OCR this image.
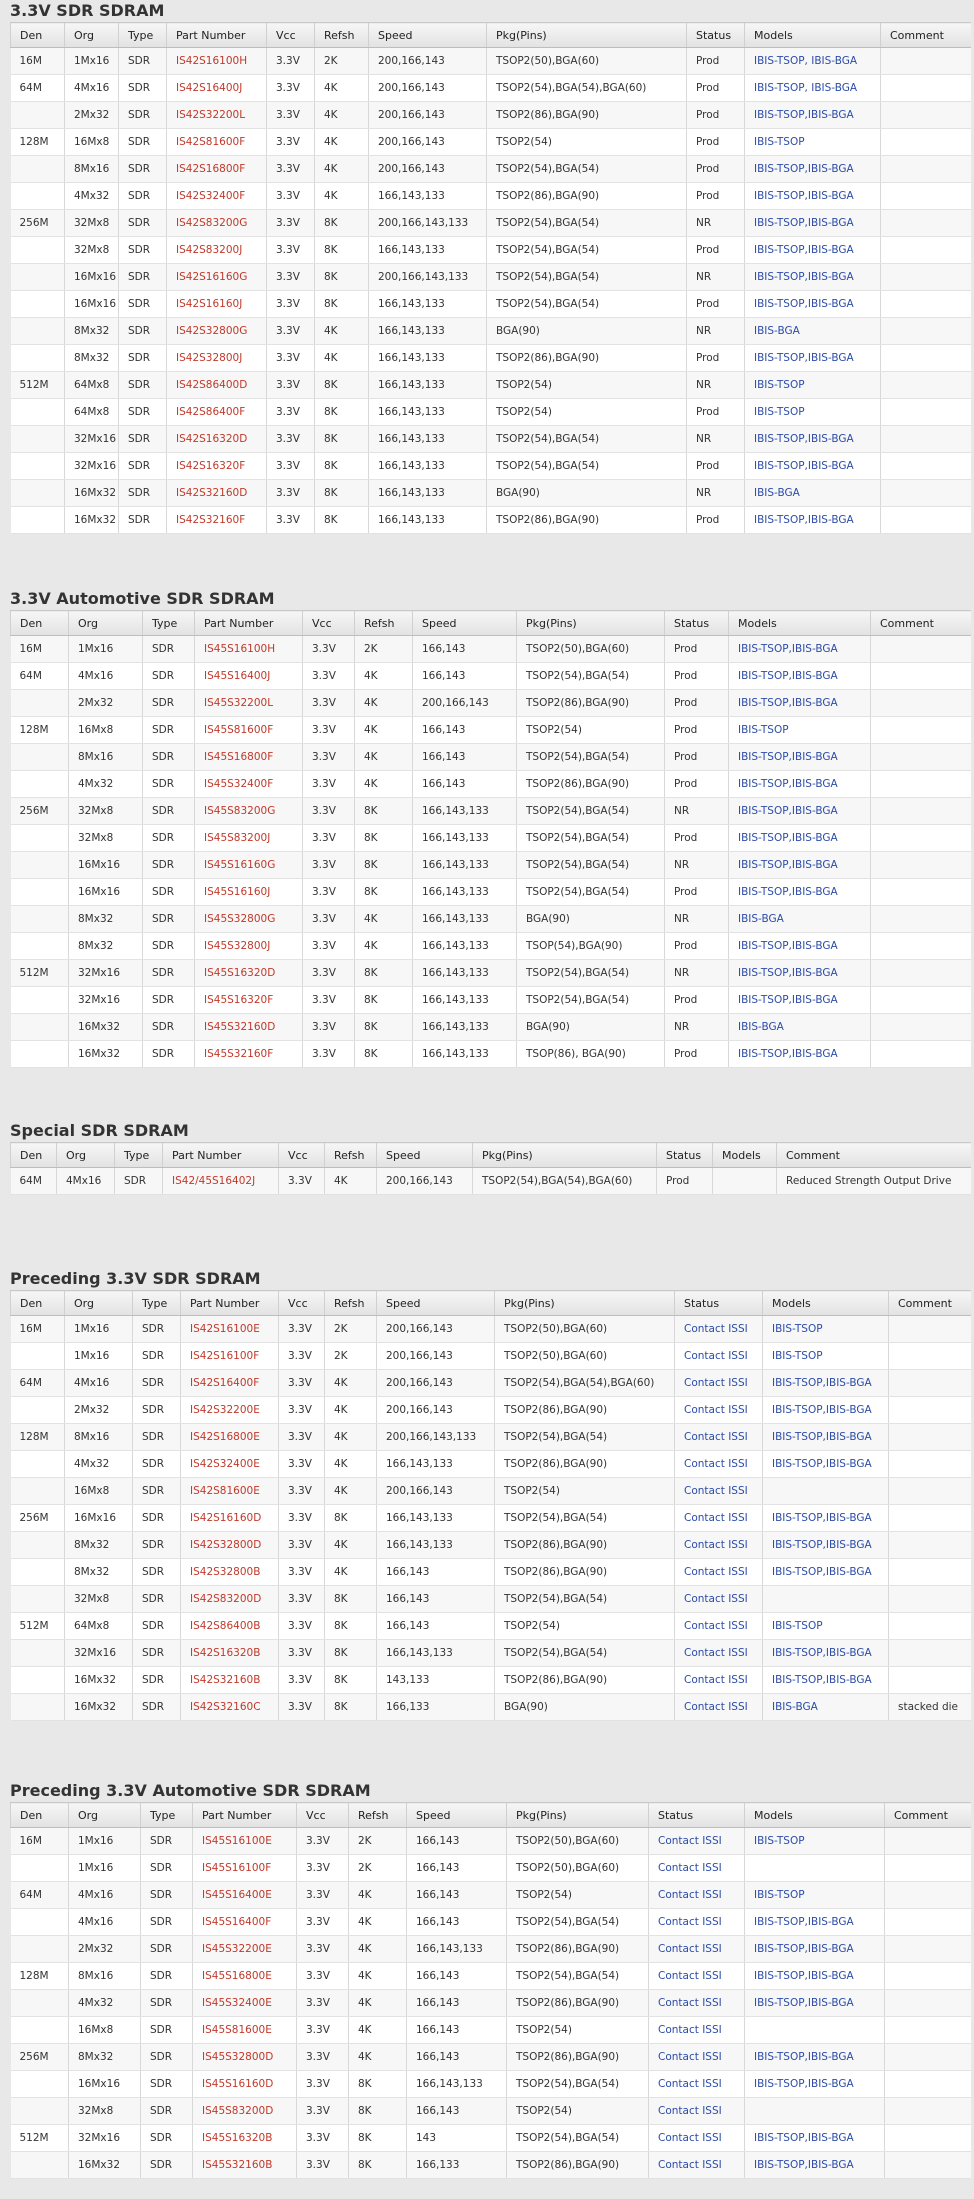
3.3V SDR SDRAM
Den	Org	Type	Part Number	Vcc	Refsh	Speed	Pkg(Pins)	Status	Models	Comment
16M	1Mx16	SDR	IS42S16100H	3.3V	2K	200,166,143	TSOP2(50),BGA(60)	Prod	IBIS-TSOP, IBIS-BGA	
64M	4Mx16	SDR	IS42S16400J	3.3V	4K	200,166,143	TSOP2(54),BGA(54),BGA(60)	Prod	IBIS-TSOP, IBIS-BGA	
	2Mx32	SDR	IS42S32200L	3.3V	4K	200,166,143	TSOP2(86),BGA(90)	Prod	IBIS-TSOP,IBIS-BGA	
128M	16Mx8	SDR	IS42S81600F	3.3V	4K	200,166,143	TSOP2(54)	Prod	IBIS-TSOP	
	8Mx16	SDR	IS42S16800F	3.3V	4K	200,166,143	TSOP2(54),BGA(54)	Prod	IBIS-TSOP,IBIS-BGA	
	4Mx32	SDR	IS42S32400F	3.3V	4K	166,143,133	TSOP2(86),BGA(90)	Prod	IBIS-TSOP,IBIS-BGA	
256M	32Mx8	SDR	IS42S83200G	3.3V	8K	200,166,143,133	TSOP2(54),BGA(54)	NR	IBIS-TSOP,IBIS-BGA	
	32Mx8	SDR	IS42S83200J	3.3V	8K	166,143,133	TSOP2(54),BGA(54)	Prod	IBIS-TSOP,IBIS-BGA	
	16Mx16	SDR	IS42S16160G	3.3V	8K	200,166,143,133	TSOP2(54),BGA(54)	NR	IBIS-TSOP,IBIS-BGA	
	16Mx16	SDR	IS42S16160J	3.3V	8K	166,143,133	TSOP2(54),BGA(54)	Prod	IBIS-TSOP,IBIS-BGA	
	8Mx32	SDR	IS42S32800G	3.3V	4K	166,143,133	BGA(90)	NR	IBIS-BGA	
	8Mx32	SDR	IS42S32800J	3.3V	4K	166,143,133	TSOP2(86),BGA(90)	Prod	IBIS-TSOP,IBIS-BGA	
512M	64Mx8	SDR	IS42S86400D	3.3V	8K	166,143,133	TSOP2(54)	NR	IBIS-TSOP	
	64Mx8	SDR	IS42S86400F	3.3V	8K	166,143,133	TSOP2(54)	Prod	IBIS-TSOP	
	32Mx16	SDR	IS42S16320D	3.3V	8K	166,143,133	TSOP2(54),BGA(54)	NR	IBIS-TSOP,IBIS-BGA	
	32Mx16	SDR	IS42S16320F	3.3V	8K	166,143,133	TSOP2(54),BGA(54)	Prod	IBIS-TSOP,IBIS-BGA	
	16Mx32	SDR	IS42S32160D	3.3V	8K	166,143,133	BGA(90)	NR	IBIS-BGA	
	16Mx32	SDR	IS42S32160F	3.3V	8K	166,143,133	TSOP2(86),BGA(90)	Prod	IBIS-TSOP,IBIS-BGA	
3.3V Automotive SDR SDRAM
Den	Org	Type	Part Number	Vcc	Refsh	Speed	Pkg(Pins)	Status	Models	Comment
16M	1Mx16	SDR	IS45S16100H	3.3V	2K	166,143	TSOP2(50),BGA(60)	Prod	IBIS-TSOP,IBIS-BGA	
64M	4Mx16	SDR	IS45S16400J	3.3V	4K	166,143	TSOP2(54),BGA(54)	Prod	IBIS-TSOP,IBIS-BGA	
	2Mx32	SDR	IS45S32200L	3.3V	4K	200,166,143	TSOP2(86),BGA(90)	Prod	IBIS-TSOP,IBIS-BGA	
128M	16Mx8	SDR	IS45S81600F	3.3V	4K	166,143	TSOP2(54)	Prod	IBIS-TSOP	
	8Mx16	SDR	IS45S16800F	3.3V	4K	166,143	TSOP2(54),BGA(54)	Prod	IBIS-TSOP,IBIS-BGA	
	4Mx32	SDR	IS45S32400F	3.3V	4K	166,143	TSOP2(86),BGA(90)	Prod	IBIS-TSOP,IBIS-BGA	
256M	32Mx8	SDR	IS45S83200G	3.3V	8K	166,143,133	TSOP2(54),BGA(54)	NR	IBIS-TSOP,IBIS-BGA	
	32Mx8	SDR	IS45S83200J	3.3V	8K	166,143,133	TSOP2(54),BGA(54)	Prod	IBIS-TSOP,IBIS-BGA	
	16Mx16	SDR	IS45S16160G	3.3V	8K	166,143,133	TSOP2(54),BGA(54)	NR	IBIS-TSOP,IBIS-BGA	
	16Mx16	SDR	IS45S16160J	3.3V	8K	166,143,133	TSOP2(54),BGA(54)	Prod	IBIS-TSOP,IBIS-BGA	
	8Mx32	SDR	IS45S32800G	3.3V	4K	166,143,133	BGA(90)	NR	IBIS-BGA	
	8Mx32	SDR	IS45S32800J	3.3V	4K	166,143,133	TSOP(54),BGA(90)	Prod	IBIS-TSOP,IBIS-BGA	
512M	32Mx16	SDR	IS45S16320D	3.3V	8K	166,143,133	TSOP2(54),BGA(54)	NR	IBIS-TSOP,IBIS-BGA	
	32Mx16	SDR	IS45S16320F	3.3V	8K	166,143,133	TSOP2(54),BGA(54)	Prod	IBIS-TSOP,IBIS-BGA	
	16Mx32	SDR	IS45S32160D	3.3V	8K	166,143,133	BGA(90)	NR	IBIS-BGA	
	16Mx32	SDR	IS45S32160F	3.3V	8K	166,143,133	TSOP(86), BGA(90)	Prod	IBIS-TSOP,IBIS-BGA	
Special SDR SDRAM
Den	Org	Type	Part Number	Vcc	Refsh	Speed	Pkg(Pins)	Status	Models	Comment
64M	4Mx16	SDR	IS42/45S16402J	3.3V	4K	200,166,143	TSOP2(54),BGA(54),BGA(60)	Prod		Reduced Strength Output Drive
Preceding 3.3V SDR SDRAM
Den	Org	Type	Part Number	Vcc	Refsh	Speed	Pkg(Pins)	Status	Models	Comment
16M	1Mx16	SDR	IS42S16100E	3.3V	2K	200,166,143	TSOP2(50),BGA(60)	Contact ISSI	IBIS-TSOP	
	1Mx16	SDR	IS42S16100F	3.3V	2K	200,166,143	TSOP2(50),BGA(60)	Contact ISSI	IBIS-TSOP	
64M	4Mx16	SDR	IS42S16400F	3.3V	4K	200,166,143	TSOP2(54),BGA(54),BGA(60)	Contact ISSI	IBIS-TSOP,IBIS-BGA	
	2Mx32	SDR	IS42S32200E	3.3V	4K	200,166,143	TSOP2(86),BGA(90)	Contact ISSI	IBIS-TSOP,IBIS-BGA	
128M	8Mx16	SDR	IS42S16800E	3.3V	4K	200,166,143,133	TSOP2(54),BGA(54)	Contact ISSI	IBIS-TSOP,IBIS-BGA	
	4Mx32	SDR	IS42S32400E	3.3V	4K	166,143,133	TSOP2(86),BGA(90)	Contact ISSI	IBIS-TSOP,IBIS-BGA	
	16Mx8	SDR	IS42S81600E	3.3V	4K	200,166,143	TSOP2(54)	Contact ISSI		
256M	16Mx16	SDR	IS42S16160D	3.3V	8K	166,143,133	TSOP2(54),BGA(54)	Contact ISSI	IBIS-TSOP,IBIS-BGA	
	8Mx32	SDR	IS42S32800D	3.3V	4K	166,143,133	TSOP2(86),BGA(90)	Contact ISSI	IBIS-TSOP,IBIS-BGA	
	8Mx32	SDR	IS42S32800B	3.3V	4K	166,143	TSOP2(86),BGA(90)	Contact ISSI	IBIS-TSOP,IBIS-BGA	
	32Mx8	SDR	IS42S83200D	3.3V	8K	166,143	TSOP2(54),BGA(54)	Contact ISSI		
512M	64Mx8	SDR	IS42S86400B	3.3V	8K	166,143	TSOP2(54)	Contact ISSI	IBIS-TSOP	
	32Mx16	SDR	IS42S16320B	3.3V	8K	166,143,133	TSOP2(54),BGA(54)	Contact ISSI	IBIS-TSOP,IBIS-BGA	
	16Mx32	SDR	IS42S32160B	3.3V	8K	143,133	TSOP2(86),BGA(90)	Contact ISSI	IBIS-TSOP,IBIS-BGA	
	16Mx32	SDR	IS42S32160C	3.3V	8K	166,133	BGA(90)	Contact ISSI	IBIS-BGA	stacked die
Preceding 3.3V Automotive SDR SDRAM
Den	Org	Type	Part Number	Vcc	Refsh	Speed	Pkg(Pins)	Status	Models	Comment
16M	1Mx16	SDR	IS45S16100E	3.3V	2K	166,143	TSOP2(50),BGA(60)	Contact ISSI	IBIS-TSOP	
	1Mx16	SDR	IS45S16100F	3.3V	2K	166,143	TSOP2(50),BGA(60)	Contact ISSI		
64M	4Mx16	SDR	IS45S16400E	3.3V	4K	166,143	TSOP2(54)	Contact ISSI	IBIS-TSOP	
	4Mx16	SDR	IS45S16400F	3.3V	4K	166,143	TSOP2(54),BGA(54)	Contact ISSI	IBIS-TSOP,IBIS-BGA	
	2Mx32	SDR	IS45S32200E	3.3V	4K	166,143,133	TSOP2(86),BGA(90)	Contact ISSI	IBIS-TSOP,IBIS-BGA	
128M	8Mx16	SDR	IS45S16800E	3.3V	4K	166,143	TSOP2(54),BGA(54)	Contact ISSI	IBIS-TSOP,IBIS-BGA	
	4Mx32	SDR	IS45S32400E	3.3V	4K	166,143	TSOP2(86),BGA(90)	Contact ISSI	IBIS-TSOP,IBIS-BGA	
	16Mx8	SDR	IS45S81600E	3.3V	4K	166,143	TSOP2(54)	Contact ISSI		
256M	8Mx32	SDR	IS45S32800D	3.3V	4K	166,143	TSOP2(86),BGA(90)	Contact ISSI	IBIS-TSOP,IBIS-BGA	
	16Mx16	SDR	IS45S16160D	3.3V	8K	166,143,133	TSOP2(54),BGA(54)	Contact ISSI	IBIS-TSOP,IBIS-BGA	
	32Mx8	SDR	IS45S83200D	3.3V	8K	166,143	TSOP2(54)	Contact ISSI		
512M	32Mx16	SDR	IS45S16320B	3.3V	8K	143	TSOP2(54),BGA(54)	Contact ISSI	IBIS-TSOP,IBIS-BGA	
	16Mx32	SDR	IS45S32160B	3.3V	8K	166,133	TSOP2(86),BGA(90)	Contact ISSI	IBIS-TSOP,IBIS-BGA	
